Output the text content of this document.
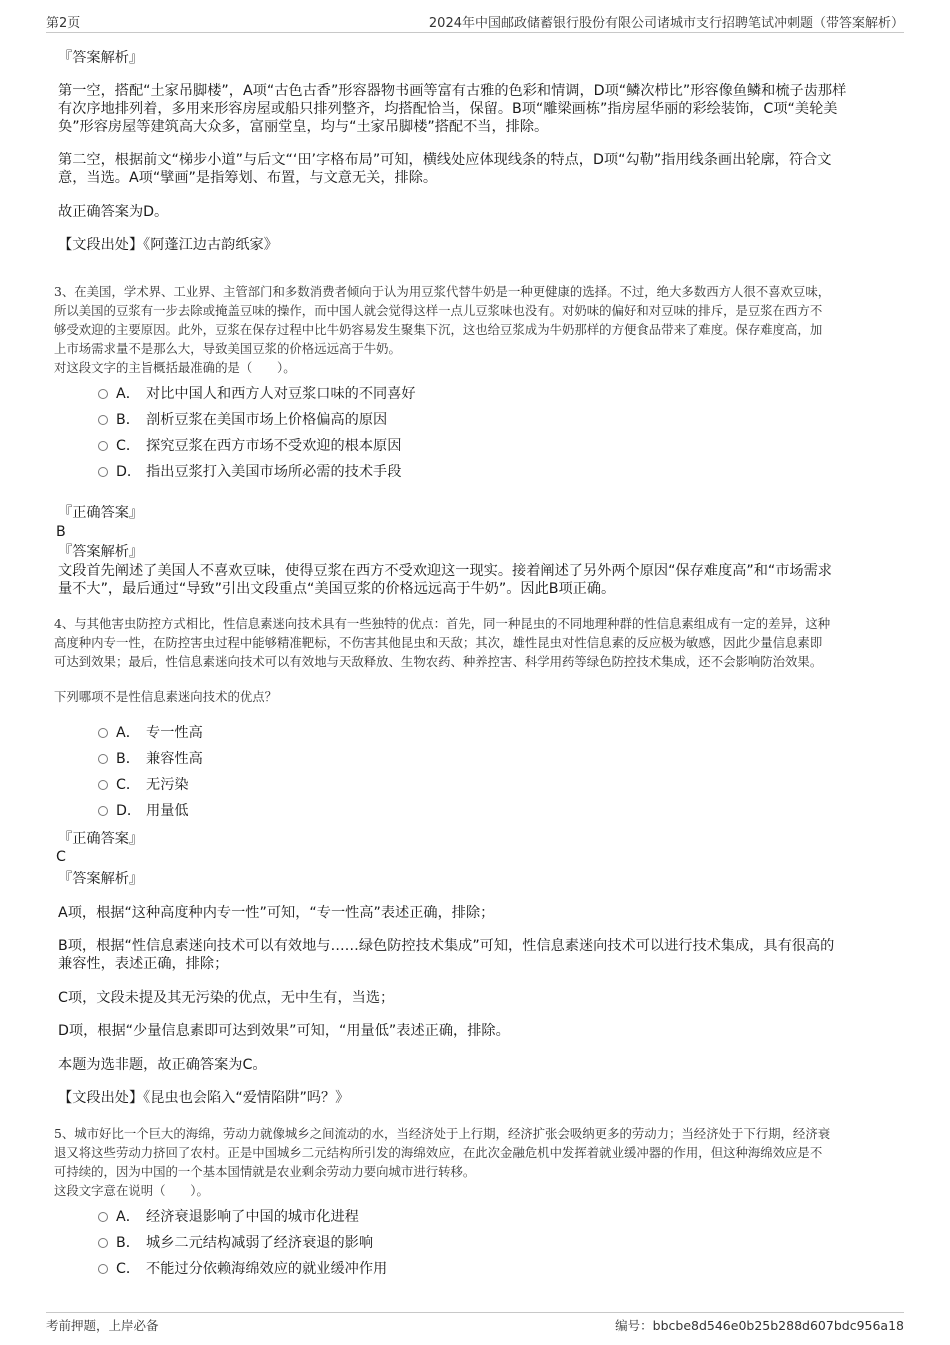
第2页	2024年中国邮政储蓄银行股份有限公司诸城市支行招聘笔试冲刺题（带答案解析）
『答案解析』
第一空，搭配“土家吊脚楼”，A项“古色古香”形容器物书画等富有古雅的色彩和情调，D项“鳞次栉比”形容像鱼鳞和梳子齿那样
有次序地排列着，多用来形容房屋或船只排列整齐，均搭配恰当，保留。B项“雕梁画栋”指房屋华丽的彩绘装饰，C项“美轮美
奂”形容房屋等建筑高大众多，富丽堂皇，均与“土家吊脚楼”搭配不当，排除。
第二空，根据前文“梯步小道”与后文“‘田’字格布局”可知，横线处应体现线条的特点，D项“勾勒”指用线条画出轮廓，符合文
意，当选。A项“擘画”是指筹划、布置，与文意无关，排除。
故正确答案为D。
【文段出处】《阿蓬江边古韵纸家》
3、在美国，学术界、工业界、主管部门和多数消费者倾向于认为用豆浆代替牛奶是一种更健康的选择。不过，绝大多数西方人很不喜欢豆味，
所以美国的豆浆有一步去除或掩盖豆味的操作，而中国人就会觉得这样一点儿豆浆味也没有。对奶味的偏好和对豆味的排斥，是豆浆在西方不
够受欢迎的主要原因。此外，豆浆在保存过程中比牛奶容易发生聚集下沉，这也给豆浆成为牛奶那样的方便食品带来了难度。保存难度高，加
上市场需求量不是那么大，导致美国豆浆的价格远远高于牛奶。
对这段文字的主旨概括最准确的是（　　）。
A． 对比中国人和西方人对豆浆口味的不同喜好
B． 剖析豆浆在美国市场上价格偏高的原因
C． 探究豆浆在西方市场不受欢迎的根本原因
D． 指出豆浆打入美国市场所必需的技术手段
『正确答案』
B
『答案解析』
文段首先阐述了美国人不喜欢豆味，使得豆浆在西方不受欢迎这一现实。接着阐述了另外两个原因“保存难度高”和“市场需求
量不大”，最后通过“导致”引出文段重点“美国豆浆的价格远远高于牛奶”。因此B项正确。
4、与其他害虫防控方式相比，性信息素迷向技术具有一些独特的优点：首先，同一种昆虫的不同地理种群的性信息素组成有一定的差异，这种
高度种内专一性，在防控害虫过程中能够精准靶标，不伤害其他昆虫和天敌；其次，雄性昆虫对性信息素的反应极为敏感，因此少量信息素即
可达到效果；最后，性信息素迷向技术可以有效地与天敌释放、生物农药、种养控害、科学用药等绿色防控技术集成，还不会影响防治效果。
下列哪项不是性信息素迷向技术的优点？
A． 专一性高
B． 兼容性高
C． 无污染
D． 用量低
『正确答案』
C
『答案解析』
A项，根据“这种高度种内专一性”可知，“专一性高”表述正确，排除；
B项，根据“性信息素迷向技术可以有效地与……绿色防控技术集成”可知，性信息素迷向技术可以进行技术集成，具有很高的
兼容性，表述正确，排除；
C项，文段未提及其无污染的优点，无中生有，当选；
D项，根据“少量信息素即可达到效果”可知，“用量低”表述正确，排除。
本题为选非题，故正确答案为C。
【文段出处】《昆虫也会陷入“爱情陷阱”吗？》
5、城市好比一个巨大的海绵，劳动力就像城乡之间流动的水，当经济处于上行期，经济扩张会吸纳更多的劳动力；当经济处于下行期，经济衰
退又将这些劳动力挤回了农村。正是中国城乡二元结构所引发的海绵效应，在此次金融危机中发挥着就业缓冲器的作用，但这种海绵效应是不
可持续的，因为中国的一个基本国情就是农业剩余劳动力要向城市进行转移。
这段文字意在说明（　　）。
A． 经济衰退影响了中国的城市化进程
B． 城乡二元结构减弱了经济衰退的影响
C． 不能过分依赖海绵效应的就业缓冲作用
考前押题，上岸必备	编号：bbcbe8d546e0b25b288d607bdc956a18
